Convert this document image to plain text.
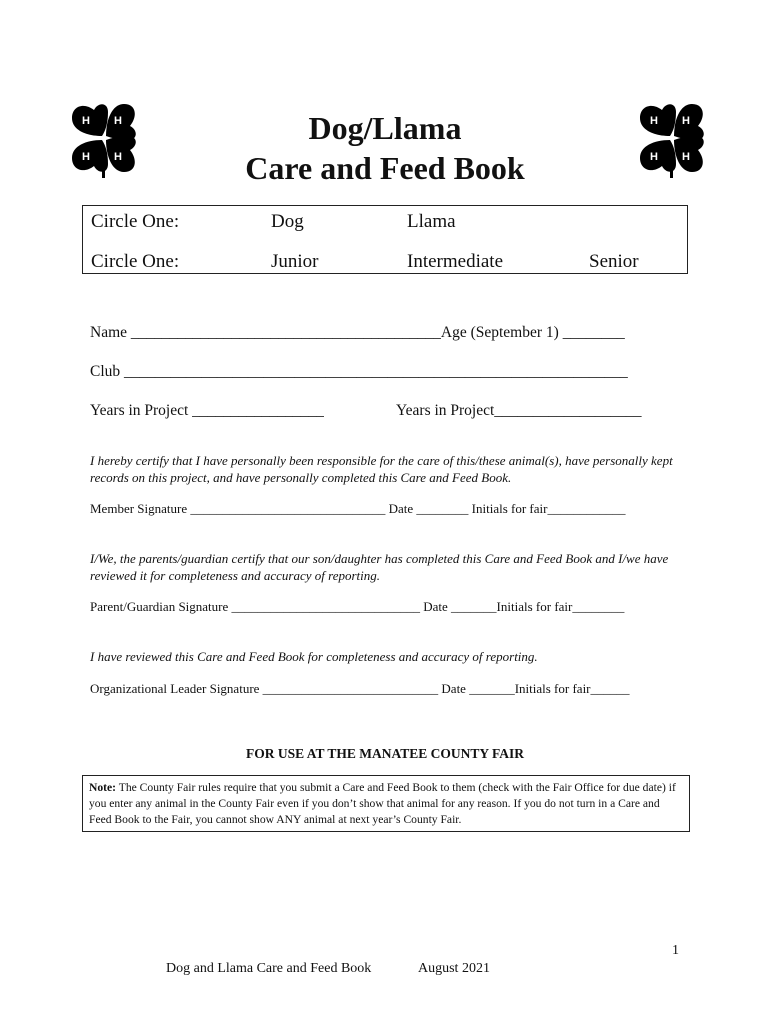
H H
H H
H H
H H
Dog/Llama
Care and Feed Book
Circle One:	Dog	Llama
Circle One:	Junior	Intermediate	Senior
Name ________________________________________Age (September 1) ________
Club _________________________________________________________________
Years in Project _________________	Years in Project___________________
I hereby certify that I have personally been responsible for the care of this/these animal(s), have personally kept records on this project, and have personally completed this Care and Feed Book.
Member Signature ______________________________ Date ________ Initials for fair____________
I/We, the parents/guardian certify that our son/daughter has completed this Care and Feed Book and I/we have reviewed it for completeness and accuracy of reporting.
Parent/Guardian Signature _____________________________ Date _______Initials for fair________
I have reviewed this Care and Feed Book for completeness and accuracy of reporting.
Organizational Leader Signature ___________________________ Date _______Initials for fair______
FOR USE AT THE MANATEE COUNTY FAIR
Note: The County Fair rules require that you submit a Care and Feed Book to them (check with the Fair Office for due date) if you enter any animal in the County Fair even if you don’t show that animal for any reason. If you do not turn in a Care and Feed Book to the Fair, you cannot show ANY animal at next year’s County Fair.
1
Dog and Llama Care and Feed Book	August 2021
